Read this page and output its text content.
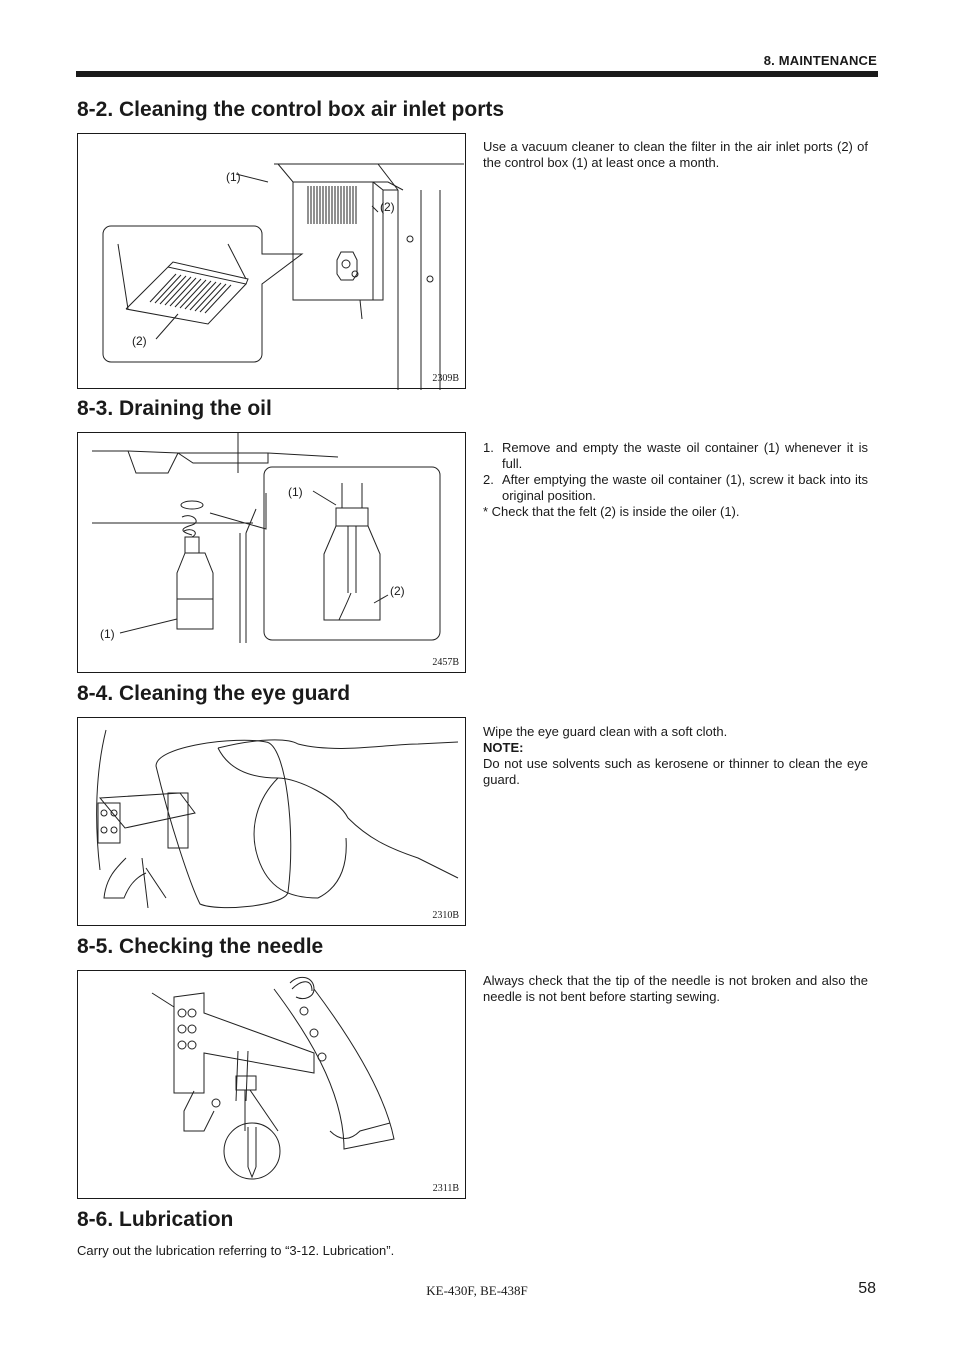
8. MAINTENANCE
8-2. Cleaning the control box air inlet ports
(1)
(2)
(2)
2309B

Use a vacuum cleaner to clean the filter in the air inlet ports (2) of the control box (1) at least once a month.

8-3. Draining the oil
(1)
(2)
(1)
2457B
1. Remove and empty the waste oil container (1) whenever it is full.
2. After emptying the waste oil container (1), screw it back into its original position.

* Check that the felt (2) is inside the oiler (1).

8-4. Cleaning the eye guard
2310B

Wipe the eye guard clean with a soft cloth.

NOTE:

Do not use solvents such as kerosene or thinner to clean the eye guard.

8-5. Checking the needle
2311B

Always check that the tip of the needle is not broken and also the needle is not bent before starting sewing.

8-6. Lubrication

Carry out the lubrication referring to “3-12. Lubrication”.

KE-430F, BE-438F	58
